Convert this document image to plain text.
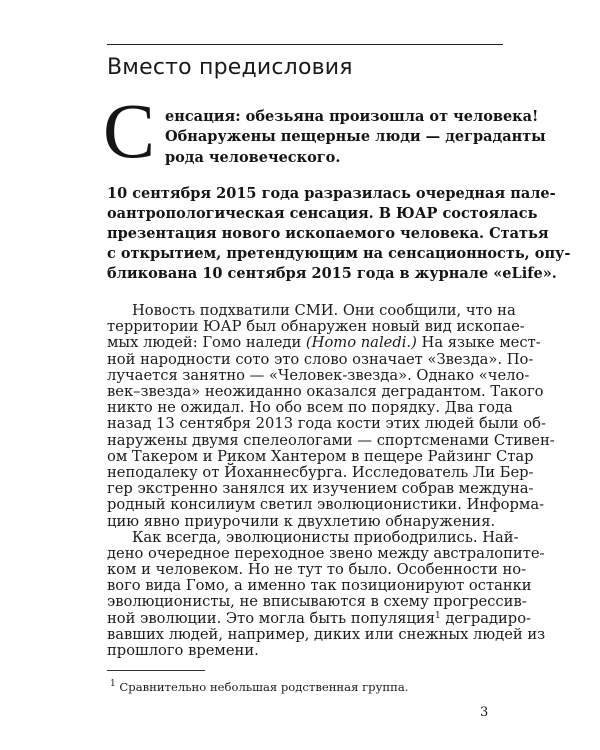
Вместо предисловия
С енсация: обезьяна произошла от человека!
Обнаружены пещерные люди — деграданты
рода человеческого.
10 сентября 2015 года разразилась очередная пале-
оантропологическая сенсация. В ЮАР состоялась
презентация нового ископаемого человека. Статья
с открытием, претендующим на сенсационность, опу-
бликована 10 сентября 2015 года в журнале «eLife».
Новость подхватили СМИ. Они сообщили, что на
территории ЮАР был обнаружен новый вид ископае-
мых людей: Гомо наледи (Homo naledi.) На языке мест-
ной народности сото это слово означает «Звезда». По-
лучается занятно — «Человек-звезда». Однако «чело-
век–звезда» неожиданно оказался деградантом. Такого
никто не ожидал. Но обо всем по порядку. Два года
назад 13 сентября 2013 года кости этих людей были об-
наружены двумя спелеологами — спортсменами Стивен-
ом Такером и Риком Хантером в пещере Райзинг Стар
неподалеку от Йоханнесбурга. Исследователь Ли Бер-
гер экстренно занялся их изучением собрав междуна-
родный консилиум светил эволюционистики. Информа-
цию явно приурочили к двухлетию обнаружения.
Как всегда, эволюционисты приободрились. Най-
дено очередное переходное звено между австралопите-
ком и человеком. Но не тут то было. Особенности но-
вого вида Гомо, а именно так позиционируют останки
эволюционисты, не вписываются в схему прогрессив-
ной эволюции. Это могла быть популяция$^1$ деградиро-
вавших людей, например, диких или снежных людей из
прошлого времени.
$^1$ Сравнительно небольшая родственная группа.
3
